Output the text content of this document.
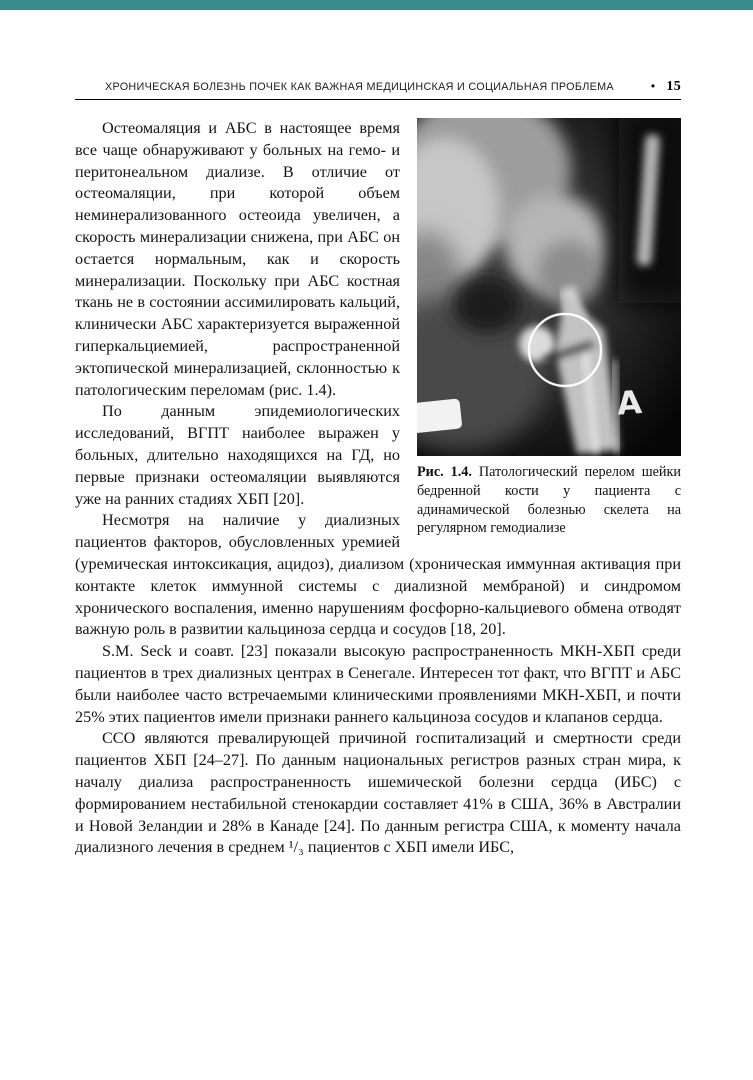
ХРОНИЧЕСКАЯ БОЛЕЗНЬ ПОЧЕК КАК ВАЖНАЯ МЕДИЦИНСКАЯ И СОЦИАЛЬНАЯ ПРОБЛЕМА	• 15
A
Рис. 1.4. Патологический перелом шейки бедренной кости у пациента с адинамической болезнью скелета на регулярном гемодиализе

Остеомаляция и АБС в настоящее время все чаще обнаруживают у больных на гемо- и перитонеальном диализе. В отличие от остеомаляции, при которой объем неминерализованного остеоида увеличен, а скорость минерализации снижена, при АБС он остается нормальным, как и скорость минерализации. Поскольку при АБС костная ткань не в состоянии ассимилировать кальций, клинически АБС характеризуется выраженной гиперкальциемией, распространенной эктопической минерализацией, склонностью к патологическим переломам (рис. 1.4).

По данным эпидемиологических исследований, ВГПТ наиболее выражен у больных, длительно находящихся на ГД, но первые признаки остеомаляции выявляются уже на ранних стадиях ХБП [20].

Несмотря на наличие у диализных пациентов факторов, обусловленных уремией (уремическая интоксикация, ацидоз), диализом (хроническая иммунная активация при контакте клеток иммунной системы с диализной мембраной) и синдромом хронического воспаления, именно нарушениям фосфорно-кальциевого обмена отводят важную роль в развитии кальциноза сердца и сосудов [18, 20].

S.M. Seck и соавт. [23] показали высокую распространенность МКН-ХБП среди пациентов в трех диализных центрах в Сенегале. Интересен тот факт, что ВГПТ и АБС были наиболее часто встречаемыми клиническими проявлениями МКН-ХБП, и почти 25% этих пациентов имели признаки раннего кальциноза сосудов и клапанов сердца.

ССО являются превалирующей причиной госпитализаций и смертности среди пациентов ХБП [24–27]. По данным национальных регистров разных стран мира, к началу диализа распространенность ишемической болезни сердца (ИБС) с формированием нестабильной стенокардии составляет 41% в США, 36% в Австралии и Новой Зеландии и 28% в Канаде [24]. По данным регистра США, к моменту начала диализного лечения в среднем ¹/₃ пациентов с ХБП имели ИБС,
